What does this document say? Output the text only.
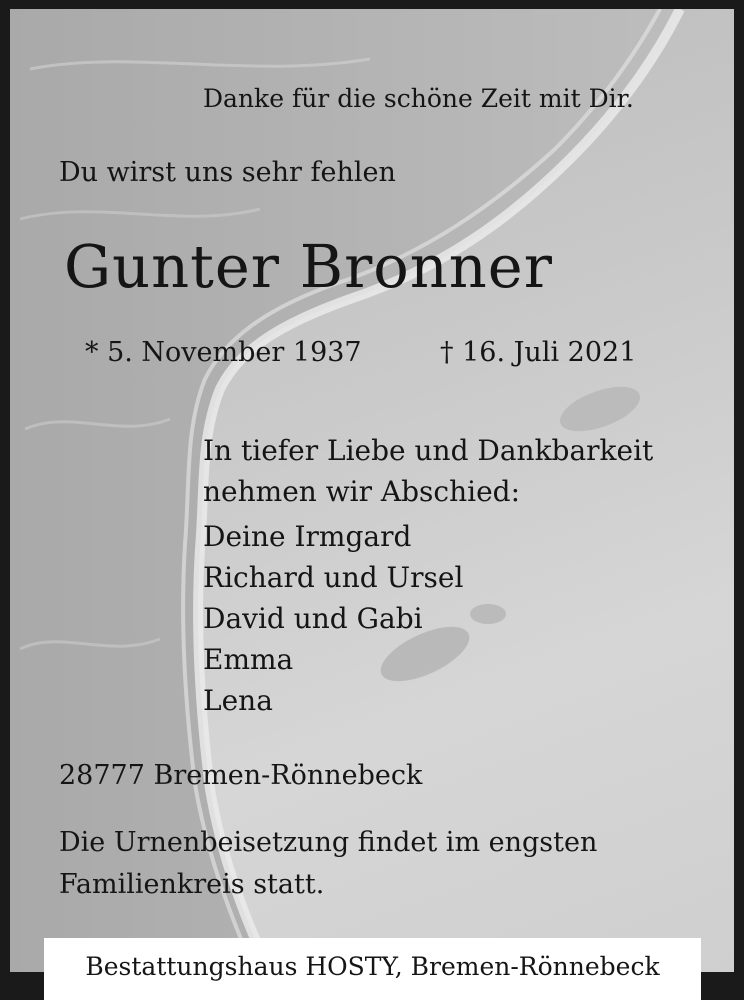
Danke für die schöne Zeit mit Dir.

Du wirst uns sehr fehlen

Gunter Bronner

* 5. November 1937	† 16. Juli 2021

In tiefer Liebe und Dankbarkeit

nehmen wir Abschied:

Deine Irmgard

Richard und Ursel

David und Gabi

Emma

Lena

28777 Bremen-Rönnebeck

Die Urnenbeisetzung findet im engsten

Familienkreis statt.

Bestattungshaus HOSTY, Bremen-Rönnebeck
